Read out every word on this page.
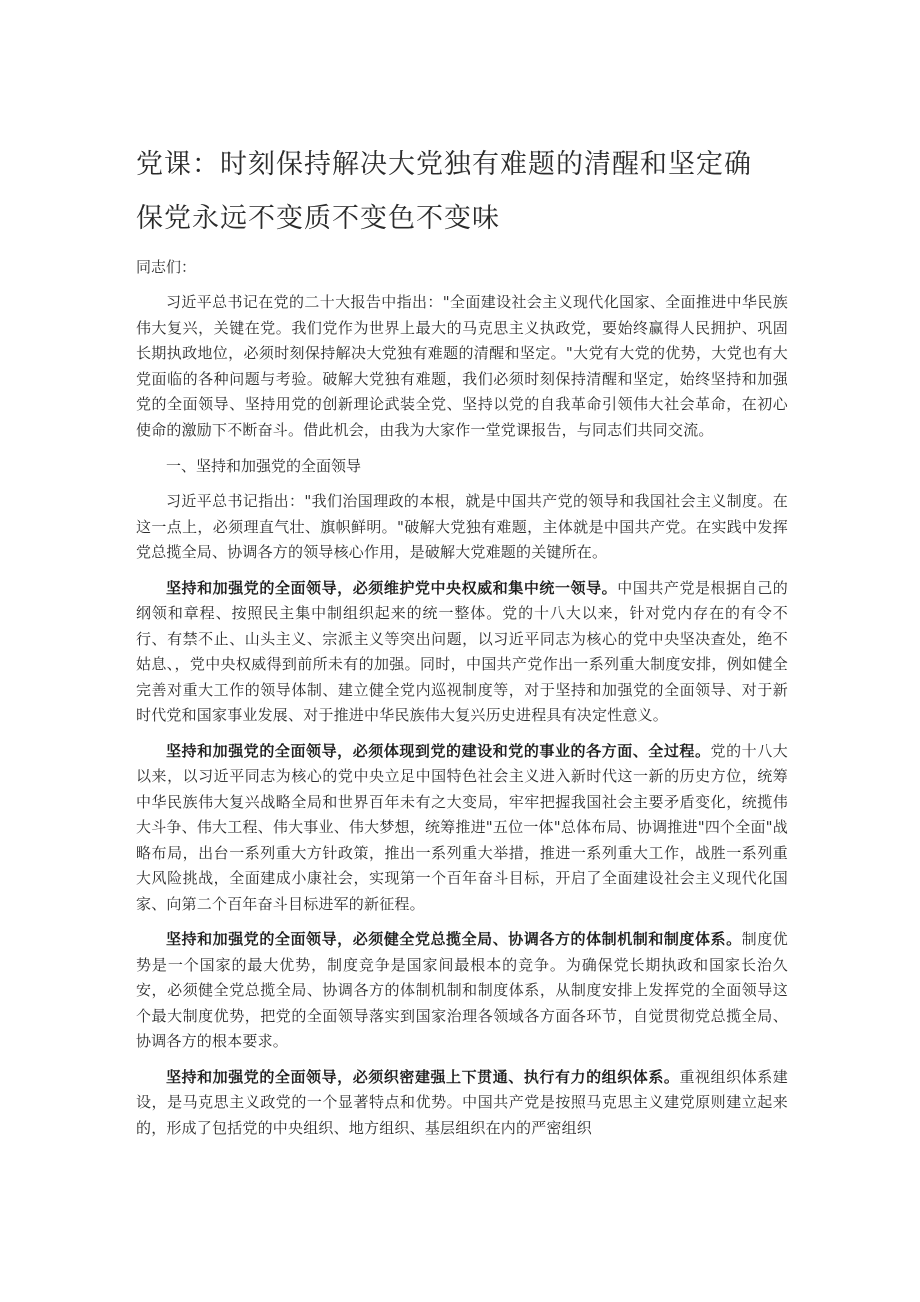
党课：时刻保持解决大党独有难题的清醒和坚定确
保党永远不变质不变色不变味

同志们：

习近平总书记在党的二十大报告中指出："全面建设社会主义现代化国家、全面推进中华民族伟大复兴，关键在党。我们党作为世界上最大的马克思主义执政党，要始终赢得人民拥护、巩固长期执政地位，必须时刻保持解决大党独有难题的清醒和坚定。"大党有大党的优势，大党也有大党面临的各种问题与考验。破解大党独有难题，我们必须时刻保持清醒和坚定，始终坚持和加强党的全面领导、坚持用党的创新理论武装全党、坚持以党的自我革命引领伟大社会革命，在初心使命的激励下不断奋斗。借此机会，由我为大家作一堂党课报告，与同志们共同交流。

一、坚持和加强党的全面领导

习近平总书记指出："我们治国理政的本根，就是中国共产党的领导和我国社会主义制度。在这一点上，必须理直气壮、旗帜鲜明。"破解大党独有难题，主体就是中国共产党。在实践中发挥党总揽全局、协调各方的领导核心作用，是破解大党难题的关键所在。

坚持和加强党的全面领导，必须维护党中央权威和集中统一领导。中国共产党是根据自己的纲领和章程、按照民主集中制组织起来的统一整体。党的十八大以来，针对党内存在的有令不行、有禁不止、山头主义、宗派主义等突出问题，以习近平同志为核心的党中央坚决查处，绝不姑息、，党中央权威得到前所未有的加强。同时，中国共产党作出一系列重大制度安排，例如健全完善对重大工作的领导体制、建立健全党内巡视制度等，对于坚持和加强党的全面领导、对于新时代党和国家事业发展、对于推进中华民族伟大复兴历史进程具有决定性意义。

坚持和加强党的全面领导，必须体现到党的建设和党的事业的各方面、全过程。党的十八大以来，以习近平同志为核心的党中央立足中国特色社会主义进入新时代这一新的历史方位，统筹中华民族伟大复兴战略全局和世界百年未有之大变局，牢牢把握我国社会主要矛盾变化，统揽伟大斗争、伟大工程、伟大事业、伟大梦想，统筹推进"五位一体"总体布局、协调推进"四个全面"战略布局，出台一系列重大方针政策，推出一系列重大举措，推进一系列重大工作，战胜一系列重大风险挑战，全面建成小康社会，实现第一个百年奋斗目标，开启了全面建设社会主义现代化国家、向第二个百年奋斗目标进军的新征程。

坚持和加强党的全面领导，必须健全党总揽全局、协调各方的体制机制和制度体系。制度优势是一个国家的最大优势，制度竞争是国家间最根本的竞争。为确保党长期执政和国家长治久安，必须健全党总揽全局、协调各方的体制机制和制度体系，从制度安排上发挥党的全面领导这个最大制度优势，把党的全面领导落实到国家治理各领域各方面各环节，自觉贯彻党总揽全局、协调各方的根本要求。

坚持和加强党的全面领导，必须织密建强上下贯通、执行有力的组织体系。重视组织体系建设，是马克思主义政党的一个显著特点和优势。中国共产党是按照马克思主义建党原则建立起来的，形成了包括党的中央组织、地方组织、基层组织在内的严密组织
